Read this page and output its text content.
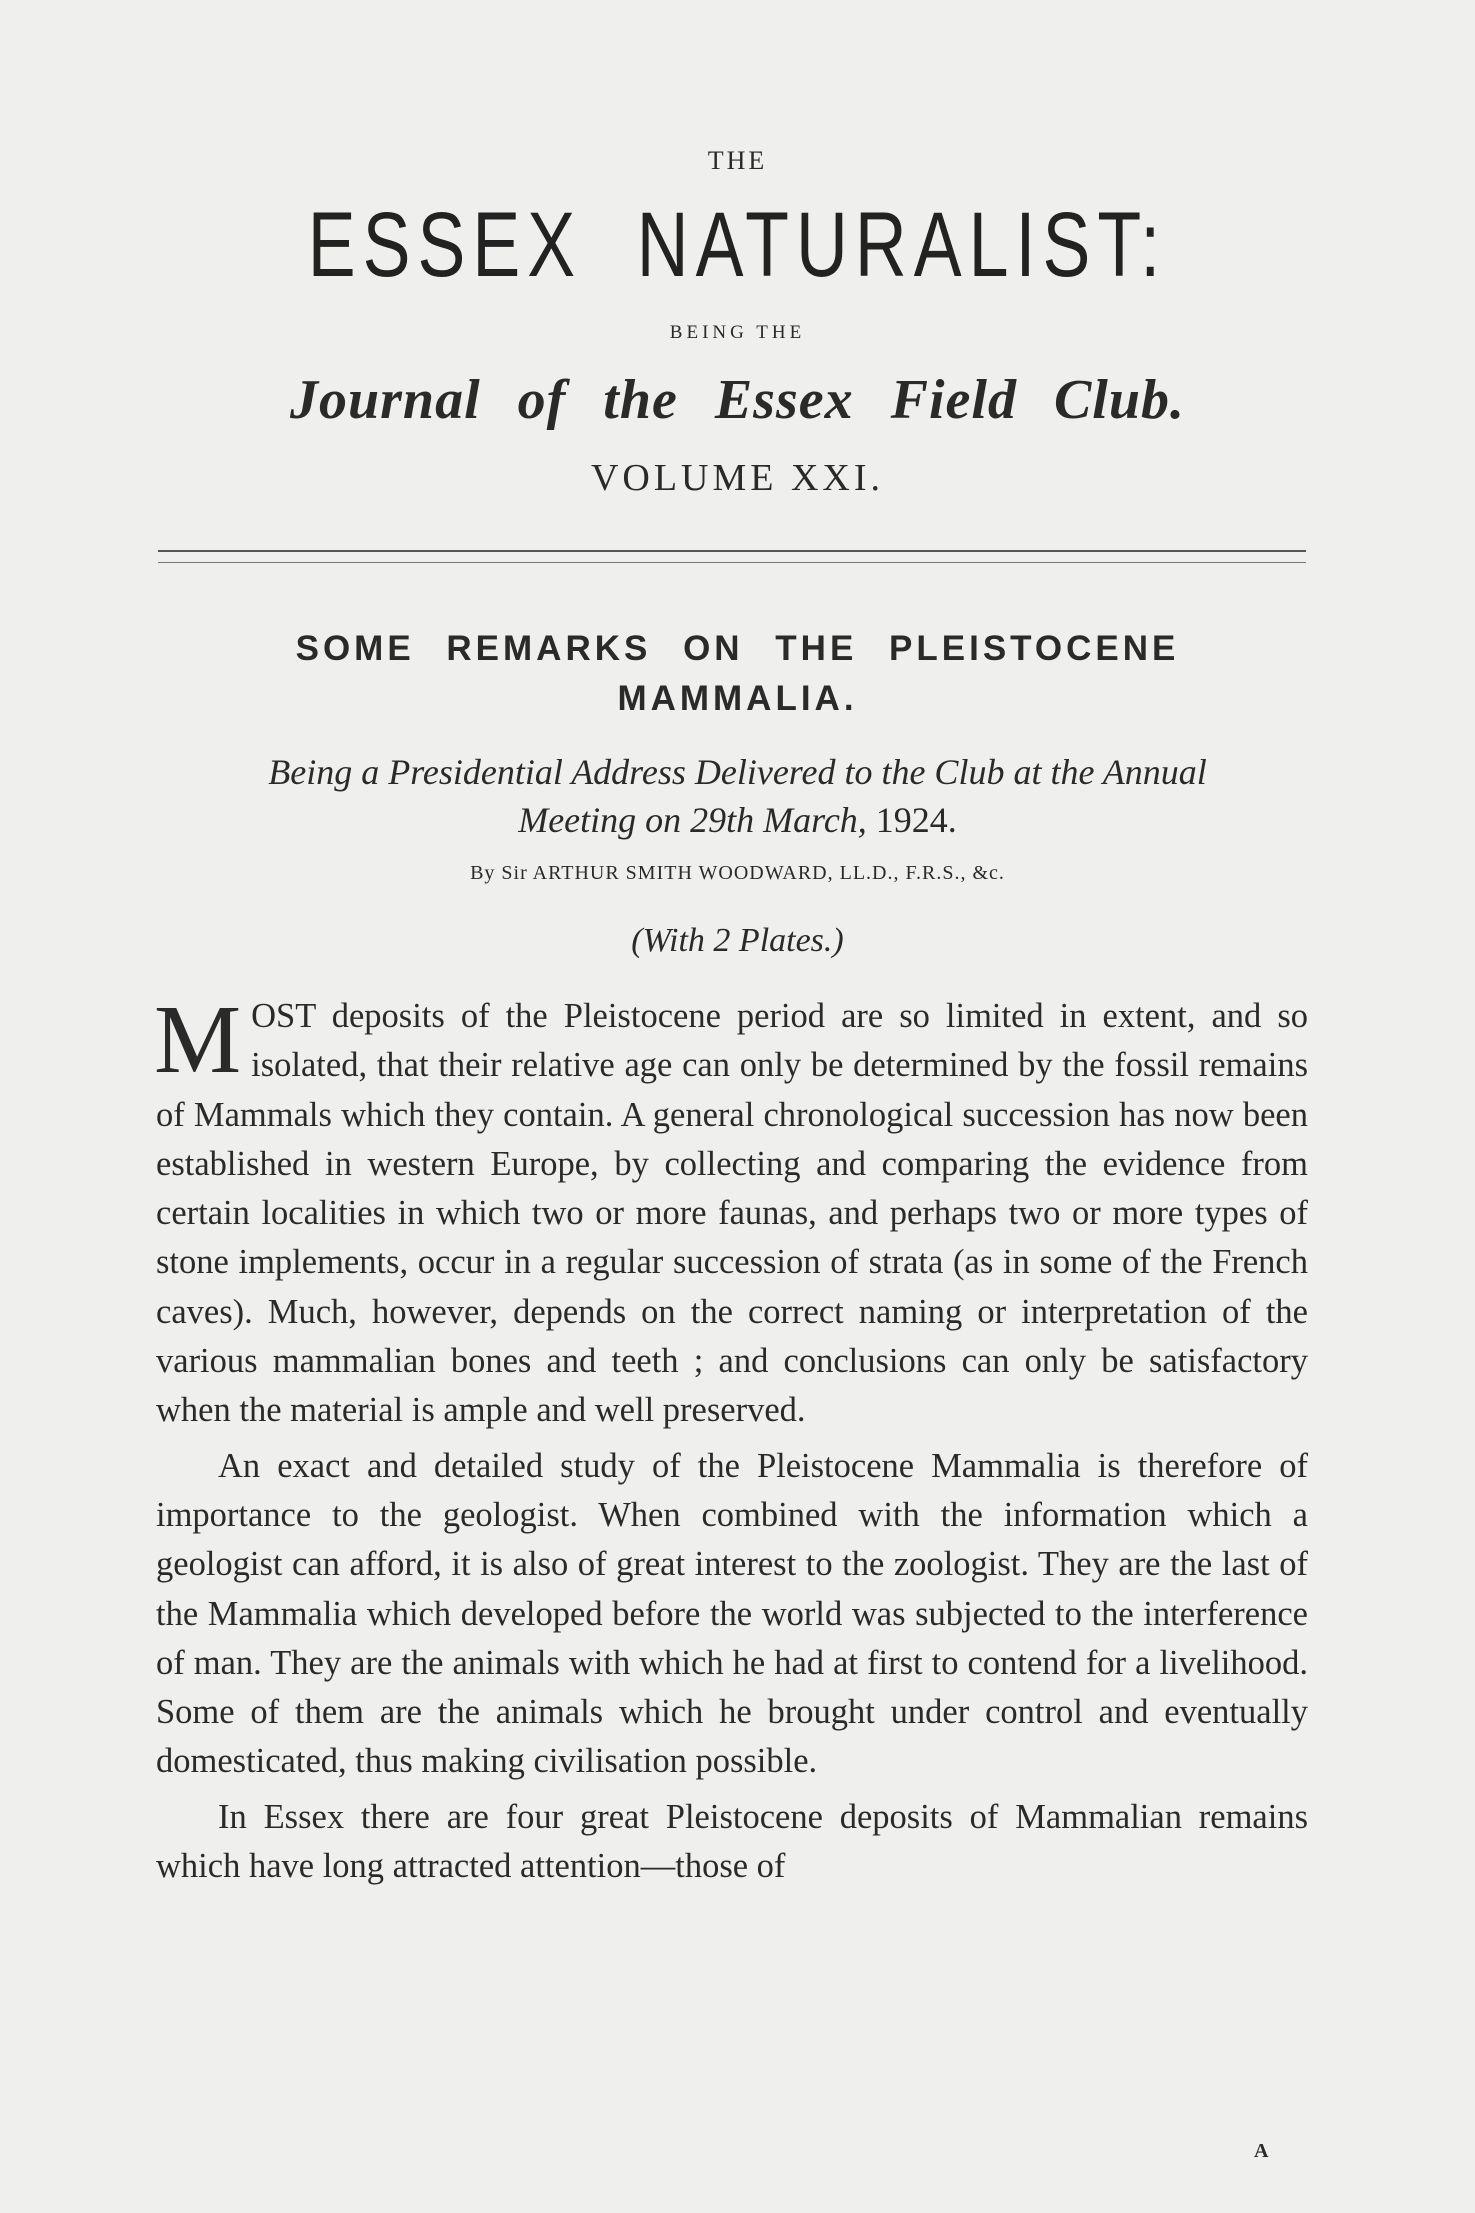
THE
ESSEX NATURALIST:
BEING THE
Journal of the Essex Field Club.
VOLUME XXI.
SOME REMARKS ON THE PLEISTOCENE
MAMMALIA.
Being a Presidential Address Delivered to the Club at the Annual
Meeting on 29th March, 1924.
By Sir ARTHUR SMITH WOODWARD, LL.D., F.R.S., &c.
(With 2 Plates.)

MOST deposits of the Pleistocene period are so limited in extent, and so isolated, that their relative age can only be determined by the fossil remains of Mammals which they contain. A general chronological succession has now been established in western Europe, by collecting and comparing the evidence from certain localities in which two or more faunas, and perhaps two or more types of stone implements, occur in a regular succession of strata (as in some of the French caves). Much, however, depends on the correct naming or interpretation of the various mammalian bones and teeth ; and conclusions can only be satisfactory when the material is ample and well preserved.

An exact and detailed study of the Pleistocene Mammalia is therefore of importance to the geologist. When combined with the information which a geologist can afford, it is also of great interest to the zoologist. They are the last of the Mammalia which developed before the world was subjected to the interference of man. They are the animals with which he had at first to contend for a livelihood. Some of them are the animals which he brought under control and eventually domesticated, thus making civilisation possible.

In Essex there are four great Pleistocene deposits of Mammalian remains which have long attracted attention—those of

A
